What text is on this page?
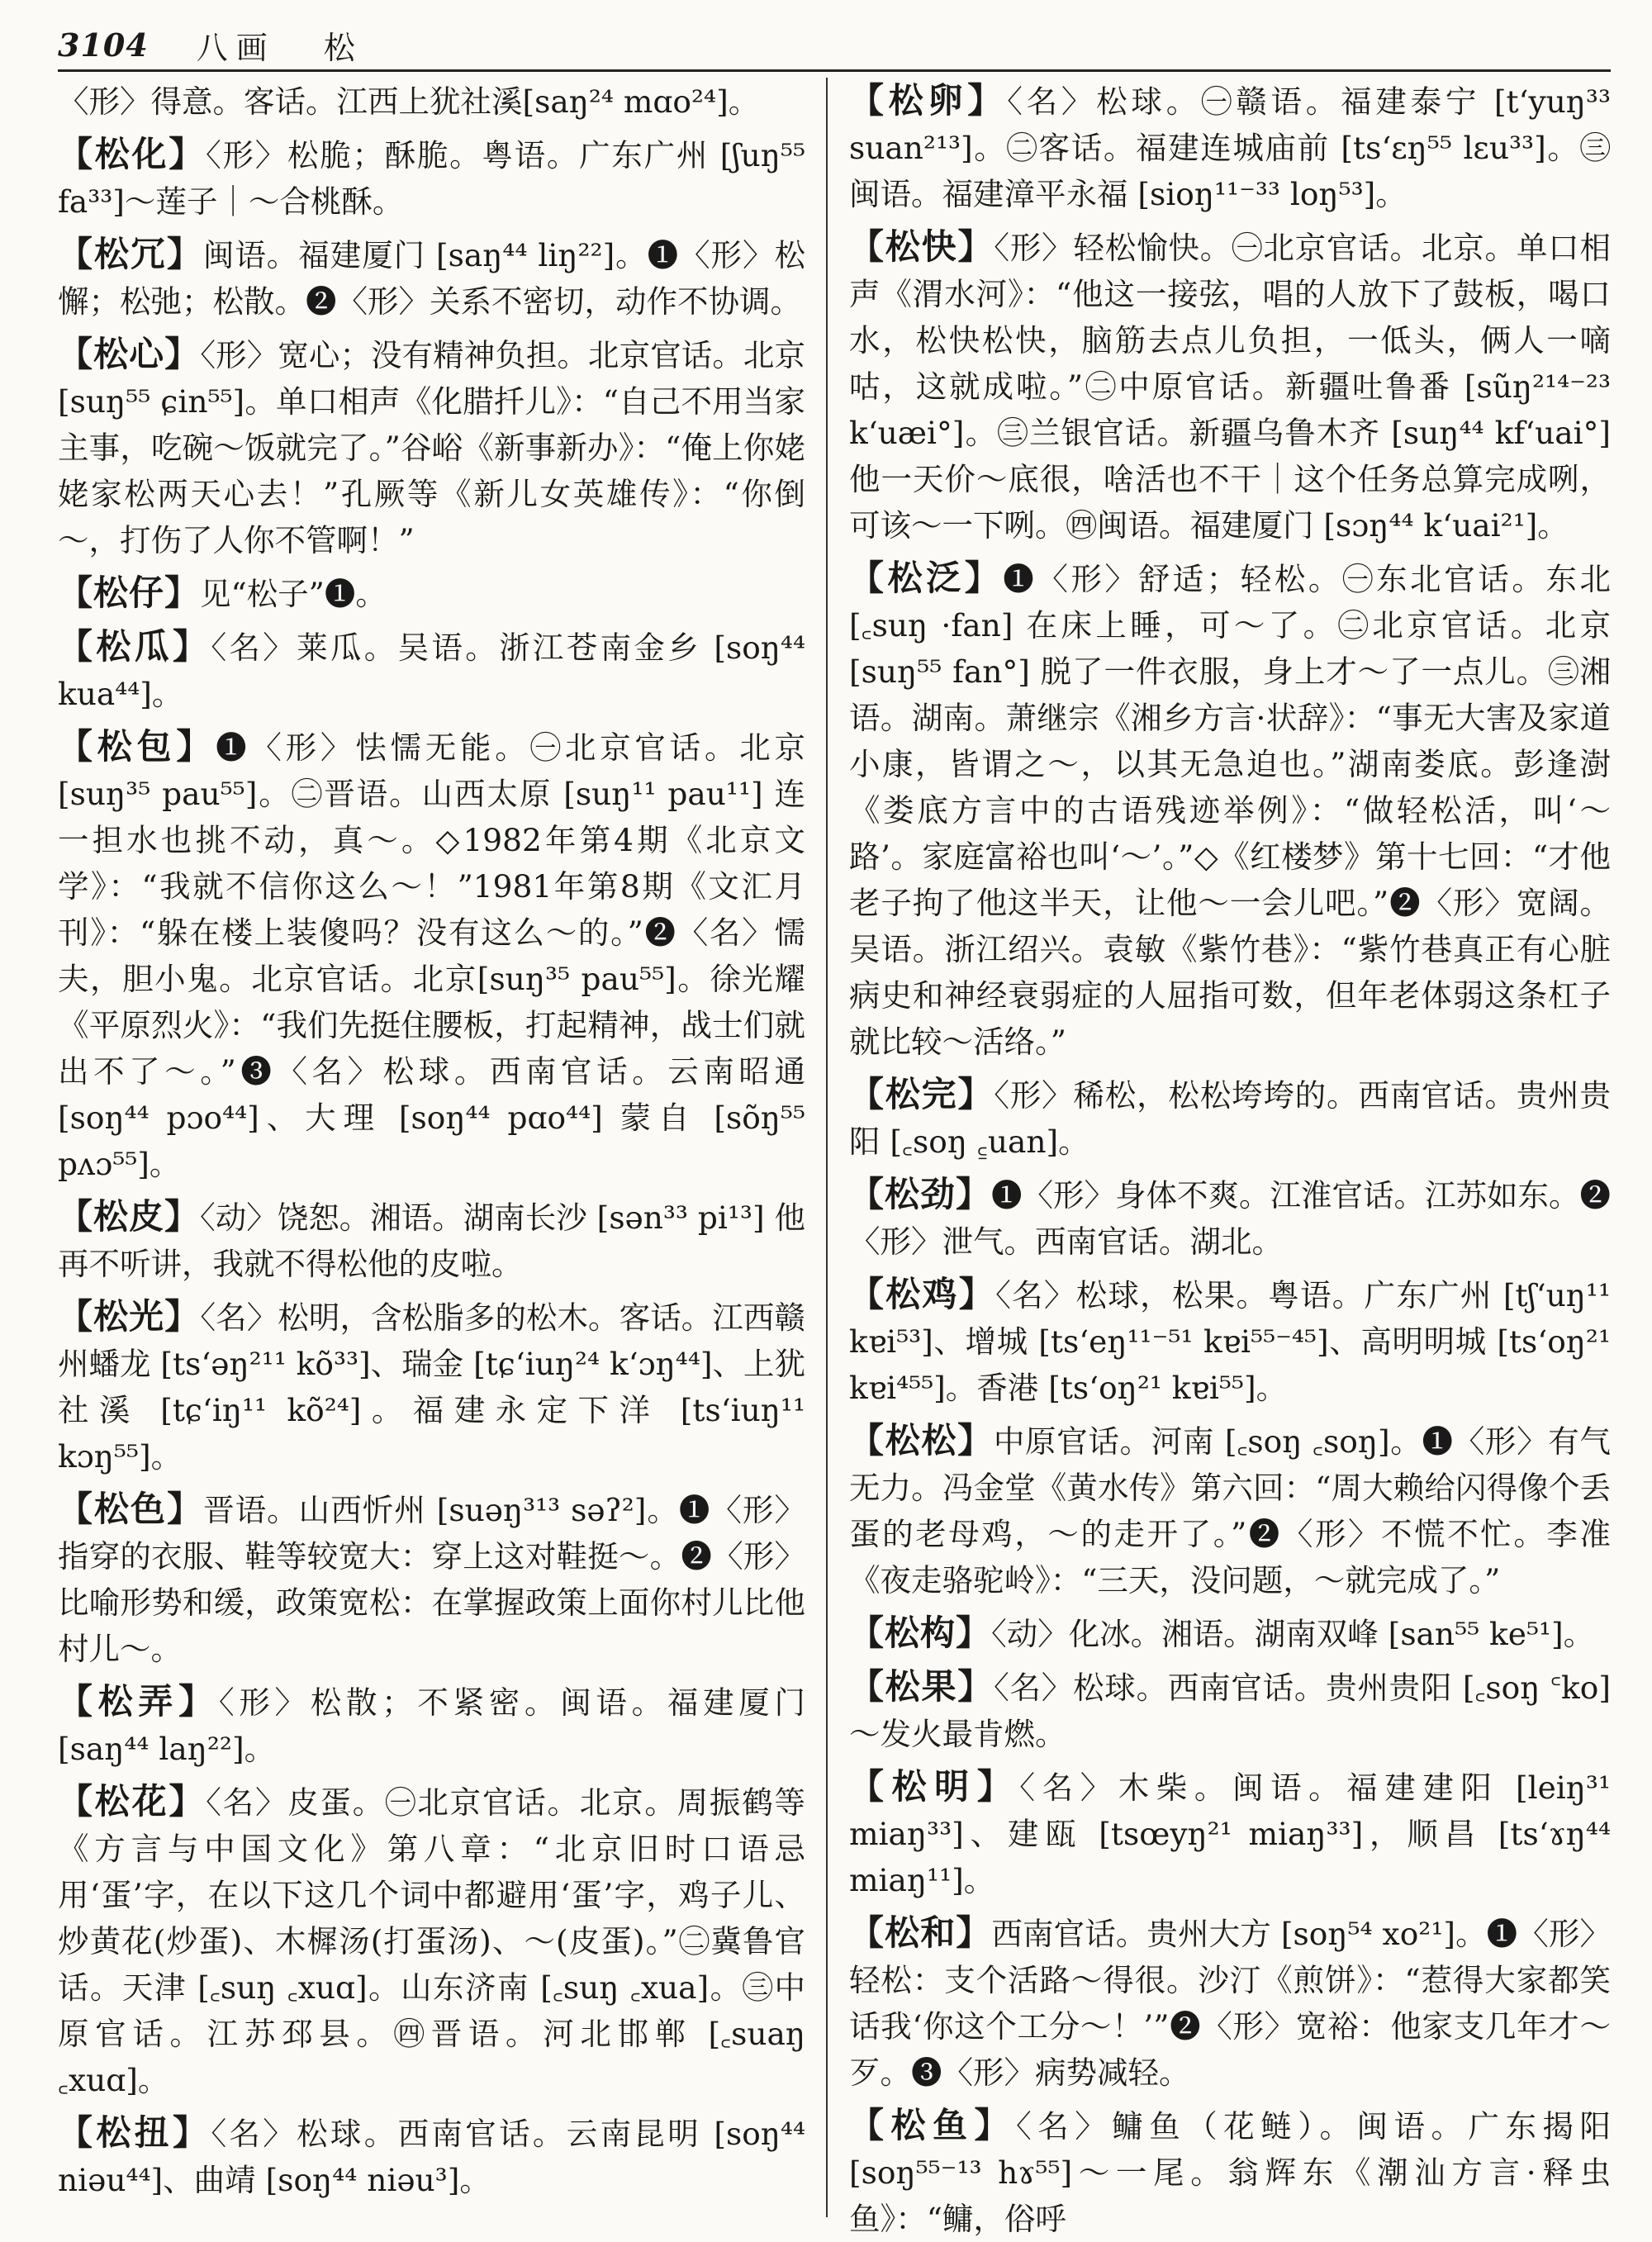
3104 八画 松

〈形〉得意。客话。江西上犹社溪[saŋ²⁴ mɑo²⁴]。

【松化】〈形〉松脆；酥脆。粤语。广东广州 [ʃuŋ⁵⁵ fa³³]～莲子｜～合桃酥。

【松冗】闽语。福建厦门 [saŋ⁴⁴ liŋ²²]。❶〈形〉松懈；松弛；松散。❷〈形〉关系不密切，动作不协调。

【松心】〈形〉宽心；没有精神负担。北京官话。北京 [suŋ⁵⁵ ɕin⁵⁵]。单口相声《化腊扦儿》：“自己不用当家主事，吃碗～饭就完了。”谷峪《新事新办》：“俺上你姥姥家松两天心去！”孔厥等《新儿女英雄传》：“你倒～，打伤了人你不管啊！”

【松仔】见“松子”❶。

【松瓜】〈名〉莱瓜。吴语。浙江苍南金乡 [soŋ⁴⁴ kua⁴⁴]。

【松包】❶〈形〉怯懦无能。㊀北京官话。北京 [suŋ³⁵ pau⁵⁵]。㊁晋语。山西太原 [suŋ¹¹ pau¹¹] 连一担水也挑不动，真～。◇1982年第4期《北京文学》：“我就不信你这么～！”1981年第8期《文汇月刊》：“躲在楼上装傻吗？没有这么～的。”❷〈名〉懦夫，胆小鬼。北京官话。北京[suŋ³⁵ pau⁵⁵]。徐光耀《平原烈火》：“我们先挺住腰板，打起精神，战士们就出不了～。”❸〈名〉松球。西南官话。云南昭通 [soŋ⁴⁴ pɔo⁴⁴]、大理 [soŋ⁴⁴ pɑo⁴⁴] 蒙自 [sõŋ⁵⁵ pʌɔ⁵⁵]。

【松皮】〈动〉饶恕。湘语。湖南长沙 [sən³³ pi¹³] 他再不听讲，我就不得松他的皮啦。

【松光】〈名〉松明，含松脂多的松木。客话。江西赣州蟠龙 [ts‘əŋ²¹¹ kõ³³]、瑞金 [tɕ‘iuŋ²⁴ k‘ɔŋ⁴⁴]、上犹社溪 [tɕ‘iŋ¹¹ kõ²⁴]。福建永定下洋 [ts‘iuŋ¹¹ kɔŋ⁵⁵]。

【松色】晋语。山西忻州 [suəŋ³¹³ səʔ²]。❶〈形〉指穿的衣服、鞋等较宽大：穿上这对鞋挺～。❷〈形〉比喻形势和缓，政策宽松：在掌握政策上面你村儿比他村儿～。

【松弄】〈形〉松散；不紧密。闽语。福建厦门 [saŋ⁴⁴ laŋ²²]。

【松花】〈名〉皮蛋。㊀北京官话。北京。周振鹤等《方言与中国文化》第八章：“北京旧时口语忌用‘蛋’字，在以下这几个词中都避用‘蛋’字，鸡子儿、炒黄花(炒蛋)、木樨汤(打蛋汤)、～(皮蛋)。”㊁冀鲁官话。天津 [꜀suŋ ꜀xuɑ]。山东济南 [꜀suŋ ꜀xua]。㊂中原官话。江苏邳县。㊃晋语。河北邯郸 [꜀suaŋ ꜀xuɑ]。

【松扭】〈名〉松球。西南官话。云南昆明 [soŋ⁴⁴ niəu⁴⁴]、曲靖 [soŋ⁴⁴ niəu³]。

【松卵】〈名〉松球。㊀赣语。福建泰宁 [t‘yuŋ³³ suan²¹³]。㊁客话。福建连城庙前 [ts‘ɛŋ⁵⁵ lɛu³³]。㊂闽语。福建漳平永福 [sioŋ¹¹⁻³³ loŋ⁵³]。

【松快】〈形〉轻松愉快。㊀北京官话。北京。单口相声《渭水河》：“他这一接弦，唱的人放下了鼓板，喝口水，松快松快，脑筋去点儿负担，一低头，俩人一嘀咕，这就成啦。”㊁中原官话。新疆吐鲁番 [sũŋ²¹⁴⁻²³ k‘uæi°]。㊂兰银官话。新疆乌鲁木齐 [suŋ⁴⁴ kf‘uai°] 他一天价～底很，啥活也不干｜这个任务总算完成咧，可该～一下咧。㊃闽语。福建厦门 [sɔŋ⁴⁴ k‘uai²¹]。

【松泛】❶〈形〉舒适；轻松。㊀东北官话。东北 [꜀suŋ ·fan] 在床上睡，可～了。㊁北京官话。北京 [suŋ⁵⁵ fan°] 脱了一件衣服，身上才～了一点儿。㊂湘语。湖南。萧继宗《湘乡方言·状辞》：“事无大害及家道小康，皆谓之～，以其无急迫也。”湖南娄底。彭逢澍《娄底方言中的古语残迹举例》：“做轻松活，叫‘～路’。家庭富裕也叫‘～’。”◇《红楼梦》第十七回：“才他老子拘了他这半天，让他～一会儿吧。”❷〈形〉宽阔。吴语。浙江绍兴。袁敏《紫竹巷》：“紫竹巷真正有心脏病史和神经衰弱症的人屈指可数，但年老体弱这条杠子就比较～活络。”

【松完】〈形〉稀松，松松垮垮的。西南官话。贵州贵阳 [꜀soŋ ꜁uan]。

【松劲】❶〈形〉身体不爽。江淮官话。江苏如东。❷〈形〉泄气。西南官话。湖北。

【松鸡】〈名〉松球，松果。粤语。广东广州 [tʃ‘uŋ¹¹ kɐi⁵³]、增城 [ts‘eŋ¹¹⁻⁵¹ kɐi⁵⁵⁻⁴⁵]、高明明城 [ts‘oŋ²¹ kɐi⁴⁵⁵]。香港 [ts‘oŋ²¹ kɐi⁵⁵]。

【松松】中原官话。河南 [꜀soŋ ꜀soŋ]。❶〈形〉有气无力。冯金堂《黄水传》第六回：“周大赖给闪得像个丢蛋的老母鸡，～的走开了。”❷〈形〉不慌不忙。李准《夜走骆驼岭》：“三天，没问题，～就完成了。”

【松构】〈动〉化冰。湘语。湖南双峰 [san⁵⁵ ke⁵¹]。

【松果】〈名〉松球。西南官话。贵州贵阳 [꜀soŋ ꜂ko] ～发火最肯燃。

【松明】〈名〉木柴。闽语。福建建阳 [leiŋ³¹ miaŋ³³]、建瓯 [tsœyŋ²¹ miaŋ³³]，顺昌 [ts‘ɤŋ⁴⁴ miaŋ¹¹]。

【松和】西南官话。贵州大方 [soŋ⁵⁴ xo²¹]。❶〈形〉轻松：支个活路～得很。沙汀《煎饼》：“惹得大家都笑话我‘你这个工分～！’”❷〈形〉宽裕：他家支几年才～歹。❸〈形〉病势减轻。

【松鱼】〈名〉鳙鱼（花鲢）。闽语。广东揭阳 [soŋ⁵⁵⁻¹³ hɤ⁵⁵]～一尾。翁辉东《潮汕方言·释虫鱼》：“鳙，俗呼
